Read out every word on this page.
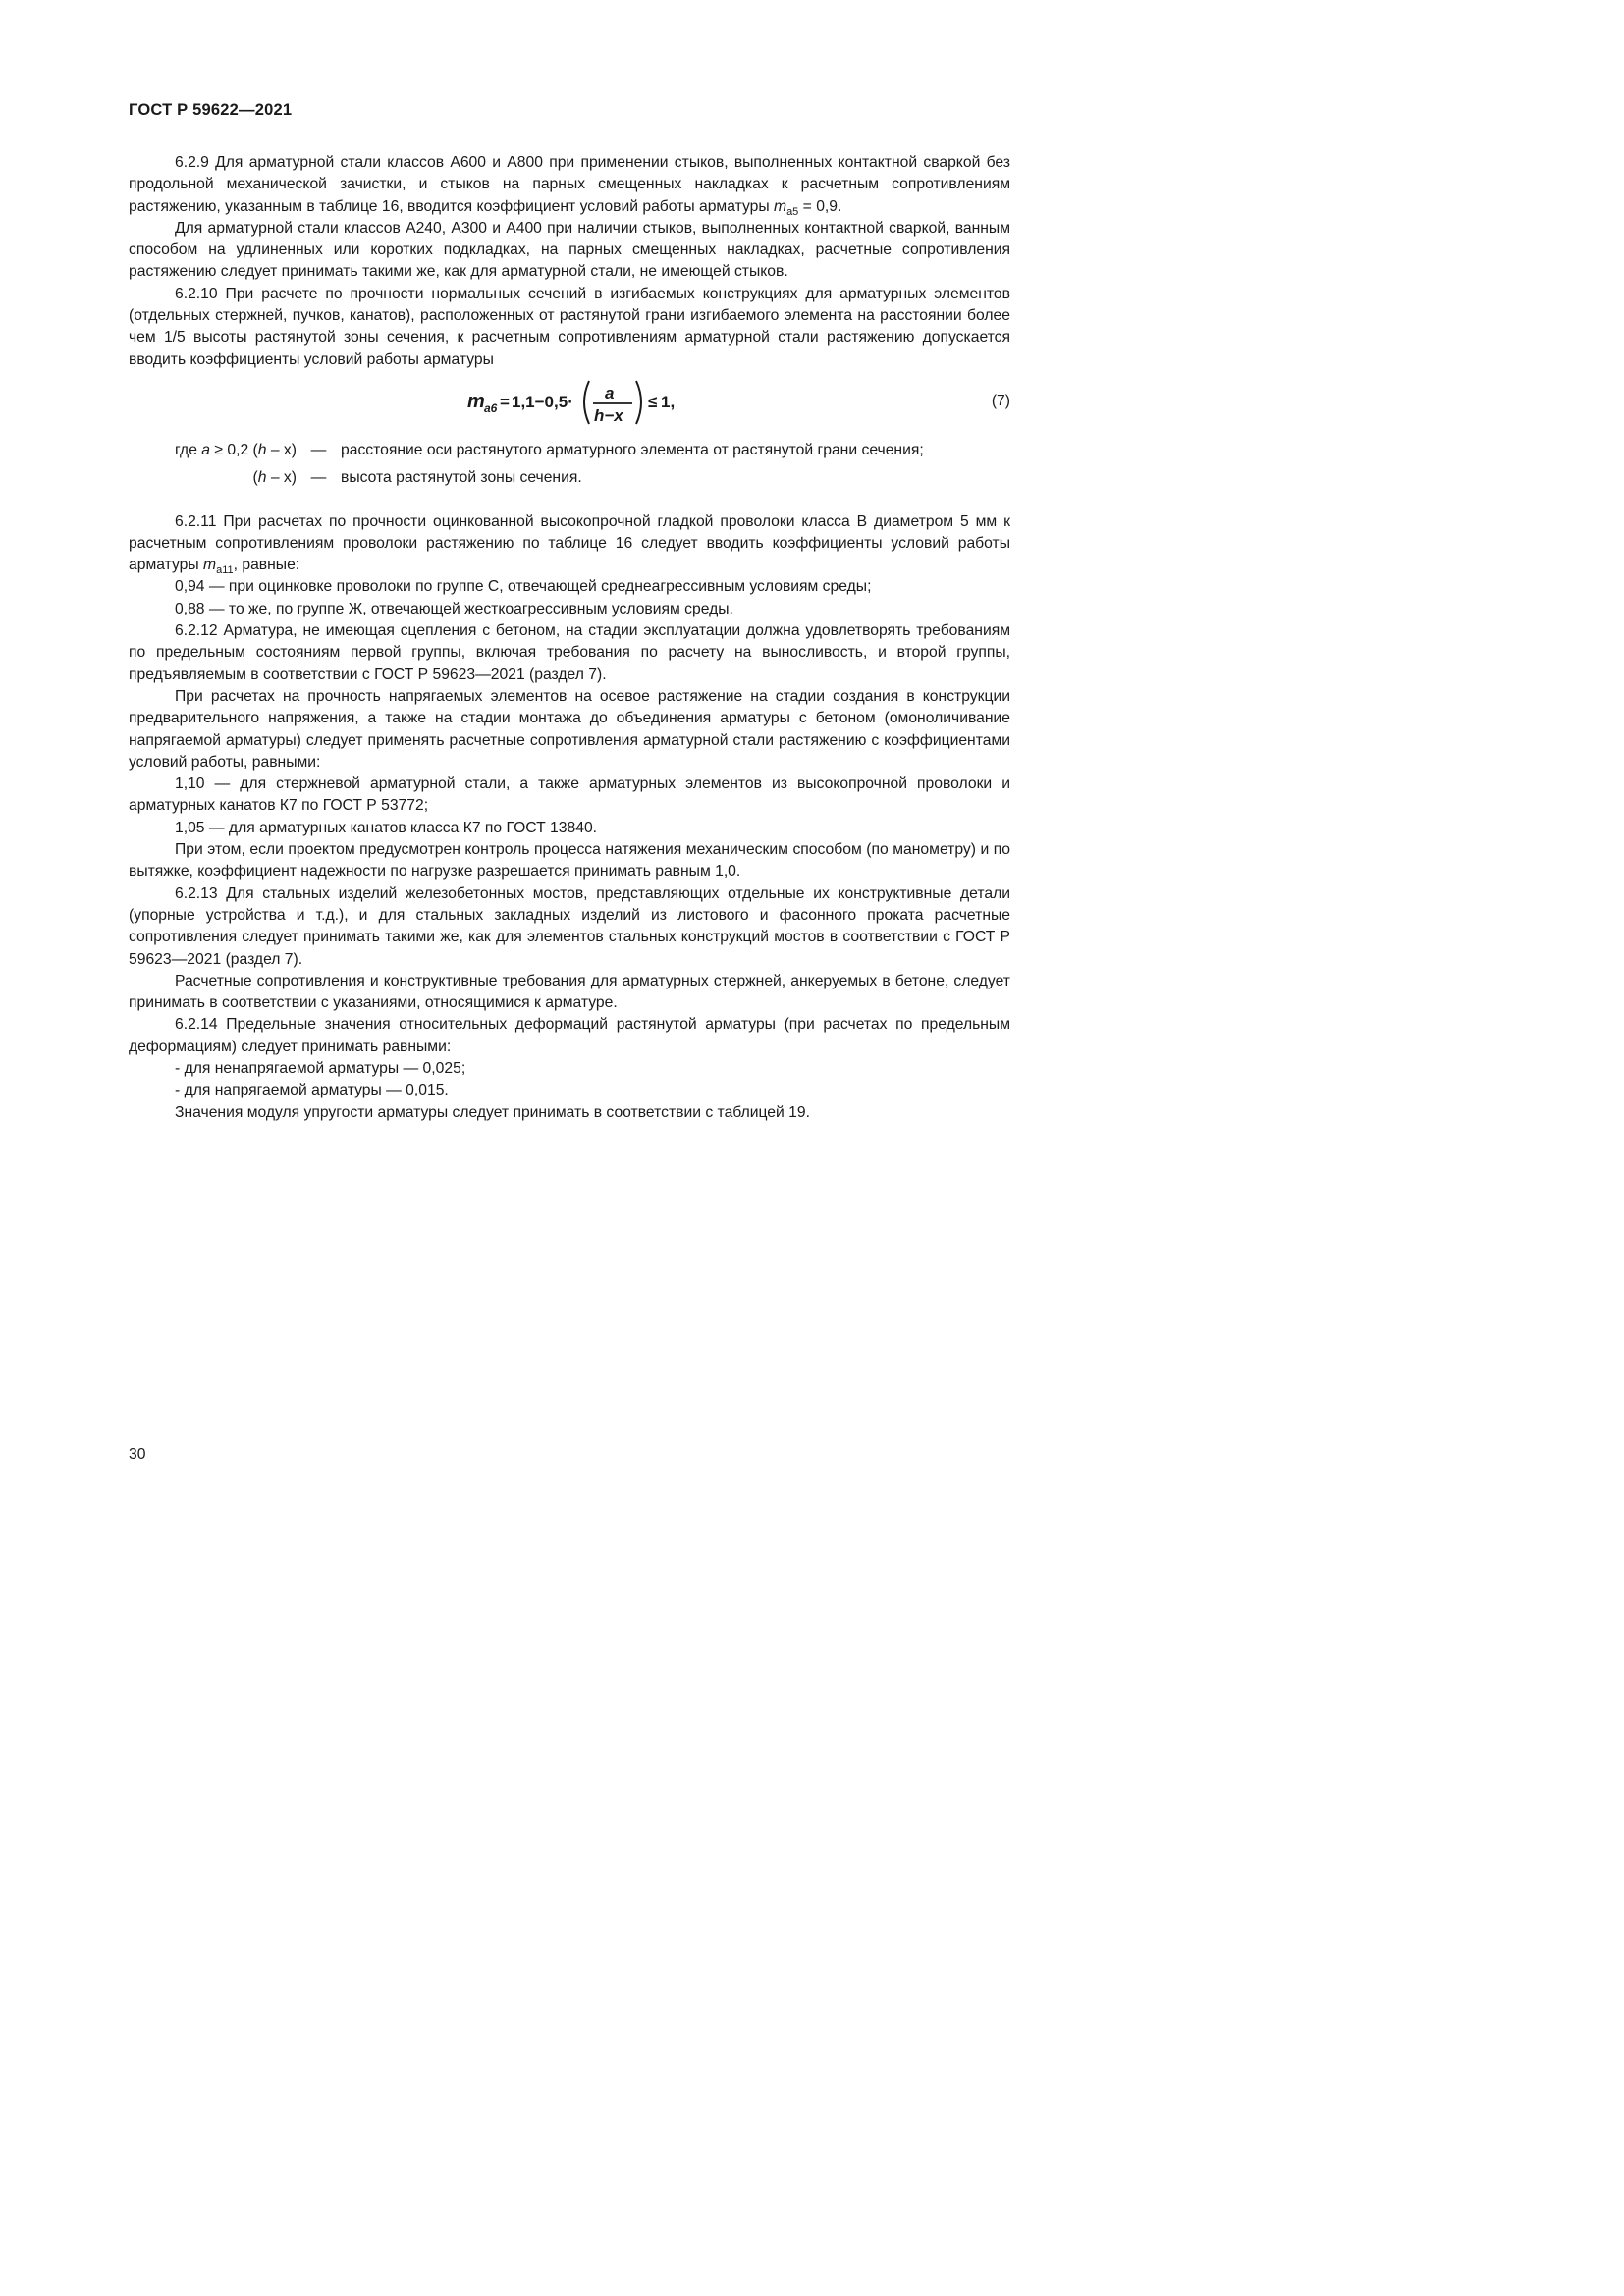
ГОСТ Р 59622—2021

6.2.9 Для арматурной стали классов А600 и А800 при применении стыков, выполненных контактной сваркой без продольной механической зачистки, и стыков на парных смещенных накладках к расчетным сопротивлениям растяжению, указанным в таблице 16, вводится коэффициент условий работы арматуры $m_{а5} = 0,9$.

Для арматурной стали классов А240, А300 и А400 при наличии стыков, выполненных контактной сваркой, ванным способом на удлиненных или коротких подкладках, на парных смещенных накладках, расчетные сопротивления растяжению следует принимать такими же, как для арматурной стали, не имеющей стыков.

6.2.10 При расчете по прочности нормальных сечений в изгибаемых конструкциях для арматурных элементов (отдельных стержней, пучков, канатов), расположенных от растянутой грани изгибаемого элемента на расстоянии более чем 1/5 высоты растянутой зоны сечения, к расчетным сопротивлениям арматурной стали растяжению допускается вводить коэффициенты условий работы арматуры

m a6 = 1,1−0,5· a
h−x
≤ 1,	(7)
где a ≥ 0,2 (h – x) — расстояние оси растянутого арматурного элемента от растянутой грани сечения;
(h – x) — высота растянутой зоны сечения.

6.2.11 При расчетах по прочности оцинкованной высокопрочной гладкой проволоки класса В диаметром 5 мм к расчетным сопротивлениям проволоки растяжению по таблице 16 следует вводить коэффициенты условий работы арматуры $m_{a11}$, равные:

0,94 — при оцинковке проволоки по группе С, отвечающей среднеагрессивным условиям среды;

0,88 — то же, по группе Ж, отвечающей жесткоагрессивным условиям среды.

6.2.12 Арматура, не имеющая сцепления с бетоном, на стадии эксплуатации должна удовлетворять требованиям по предельным состояниям первой группы, включая требования по расчету на выносливость, и второй группы, предъявляемым в соответствии с ГОСТ Р 59623—2021 (раздел 7).

При расчетах на прочность напрягаемых элементов на осевое растяжение на стадии создания в конструкции предварительного напряжения, а также на стадии монтажа до объединения арматуры с бетоном (омоноличивание напрягаемой арматуры) следует применять расчетные сопротивления арматурной стали растяжению с коэффициентами условий работы, равными:

1,10 — для стержневой арматурной стали, а также арматурных элементов из высокопрочной проволоки и арматурных канатов К7 по ГОСТ Р 53772;

1,05 — для арматурных канатов класса К7 по ГОСТ 13840.

При этом, если проектом предусмотрен контроль процесса натяжения механическим способом (по манометру) и по вытяжке, коэффициент надежности по нагрузке разрешается принимать равным 1,0.

6.2.13 Для стальных изделий железобетонных мостов, представляющих отдельные их конструктивные детали (упорные устройства и т.д.), и для стальных закладных изделий из листового и фасонного проката расчетные сопротивления следует принимать такими же, как для элементов стальных конструкций мостов в соответствии с ГОСТ Р 59623—2021 (раздел 7).

Расчетные сопротивления и конструктивные требования для арматурных стержней, анкеруемых в бетоне, следует принимать в соответствии с указаниями, относящимися к арматуре.

6.2.14 Предельные значения относительных деформаций растянутой арматуры (при расчетах по предельным деформациям) следует принимать равными:

- для ненапрягаемой арматуры — 0,025;

- для напрягаемой арматуры — 0,015.

Значения модуля упругости арматуры следует принимать в соответствии с таблицей 19.

30
